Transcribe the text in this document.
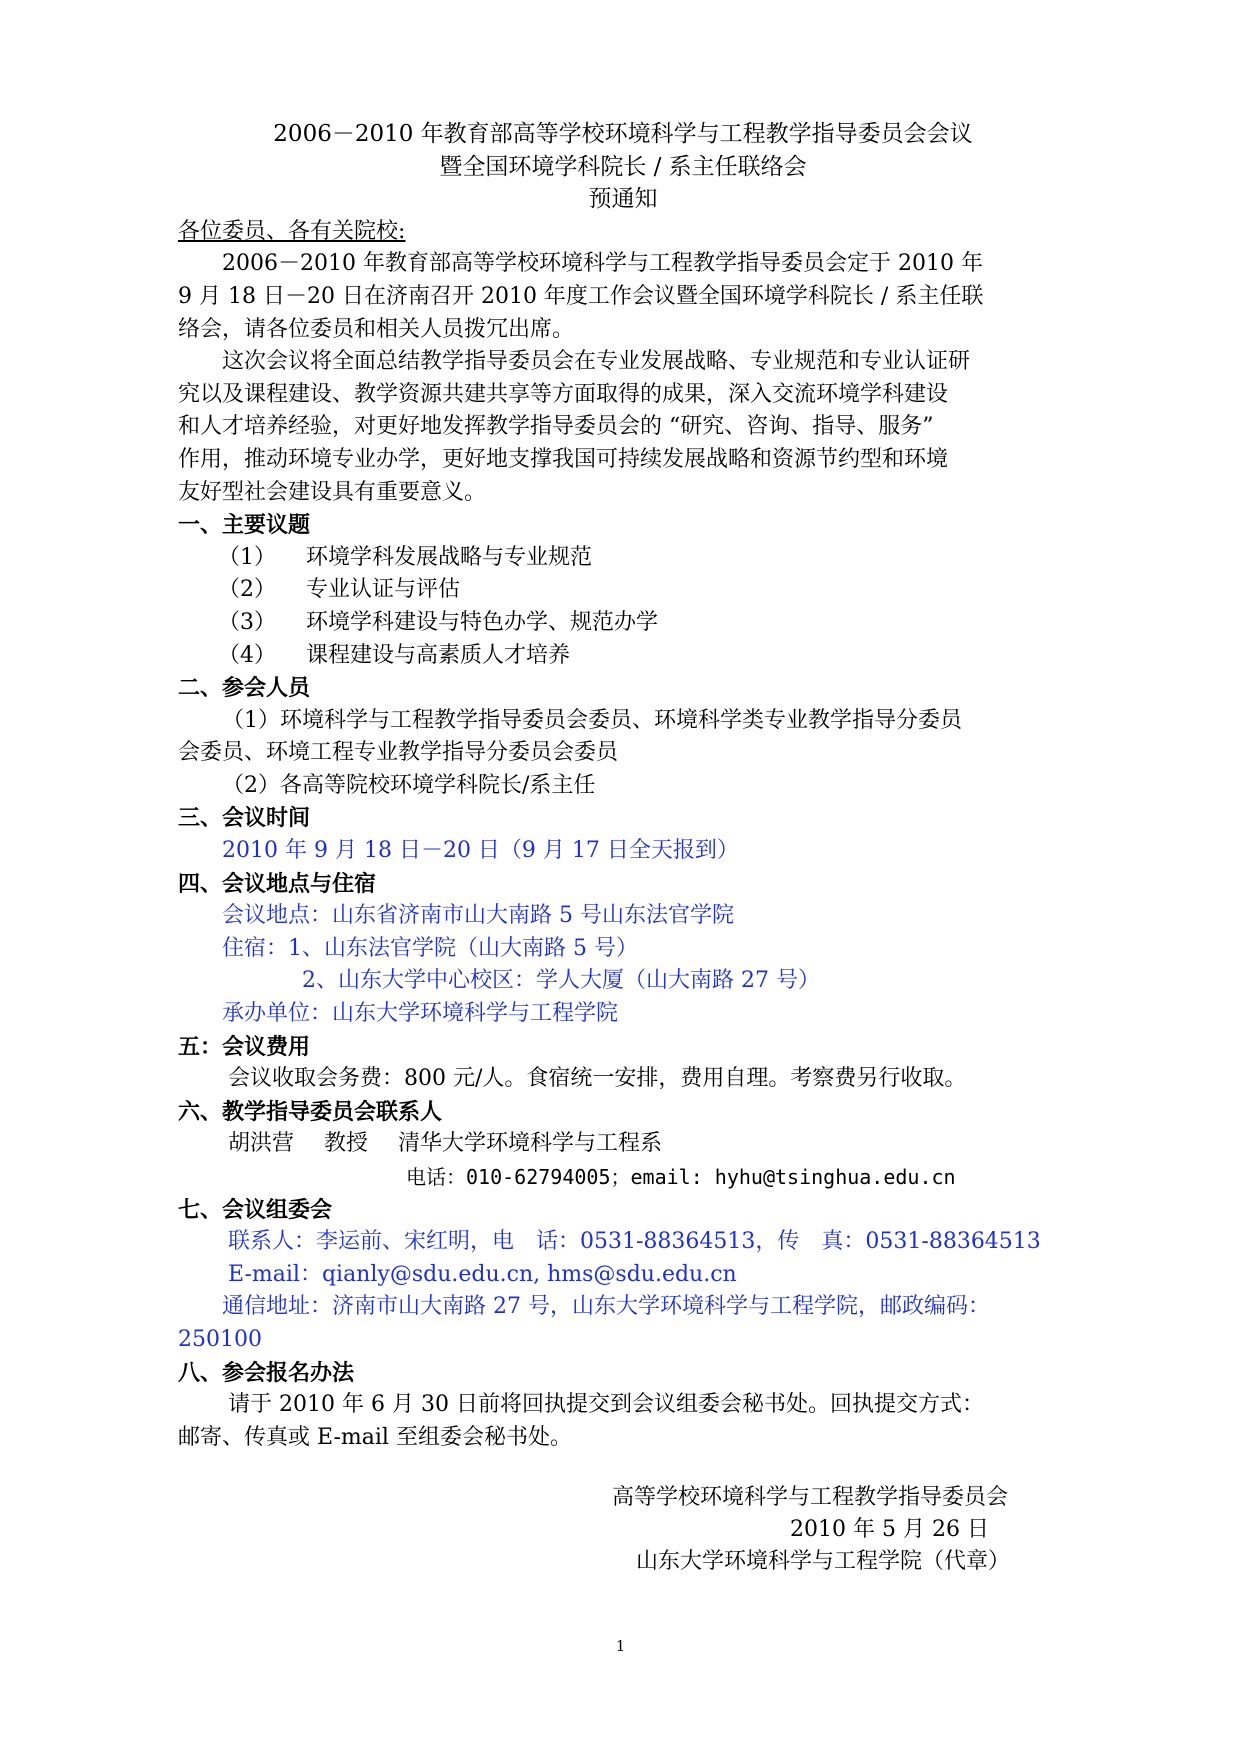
2006－2010 年教育部高等学校环境科学与工程教学指导委员会会议
暨全国环境学科院长 / 系主任联络会
预通知
各位委员、各有关院校:
2006－2010 年教育部高等学校环境科学与工程教学指导委员会定于 2010 年
9 月 18 日－20 日在济南召开 2010 年度工作会议暨全国环境学科院长 / 系主任联
络会，请各位委员和相关人员拨冗出席。
这次会议将全面总结教学指导委员会在专业发展战略、专业规范和专业认证研
究以及课程建设、教学资源共建共享等方面取得的成果，深入交流环境学科建设
和人才培养经验，对更好地发挥教学指导委员会的 “研究、咨询、指导、服务”
作用，推动环境专业办学，更好地支撑我国可持续发展战略和资源节约型和环境
友好型社会建设具有重要意义。
一、主要议题
（1） 环境学科发展战略与专业规范
（2） 专业认证与评估
（3） 环境学科建设与特色办学、规范办学
（4） 课程建设与高素质人才培养
二、参会人员
（1）环境科学与工程教学指导委员会委员、环境科学类专业教学指导分委员
会委员、环境工程专业教学指导分委员会委员
（2）各高等院校环境学科院长/系主任
三、会议时间
2010 年 9 月 18 日－20 日（9 月 17 日全天报到）
四、会议地点与住宿
会议地点：山东省济南市山大南路 5 号山东法官学院
住宿：1、山东法官学院（山大南路 5 号）
2、山东大学中心校区：学人大厦（山大南路 27 号）
承办单位：山东大学环境科学与工程学院
五：会议费用
会议收取会务费：800 元/人。食宿统一安排，费用自理。考察费另行收取。
六、教学指导委员会联系人
胡洪营 教授 清华大学环境科学与工程系
电话：010-62794005；email: hyhu@tsinghua.edu.cn
七、会议组委会
联系人：李运前、宋红明，电　话：0531-88364513，传　真：0531-88364513
E-mail：qianly@sdu.edu.cn, hms@sdu.edu.cn
通信地址：济南市山大南路 27 号，山东大学环境科学与工程学院，邮政编码：
250100
八、参会报名办法
请于 2010 年 6 月 30 日前将回执提交到会议组委会秘书处。回执提交方式：
邮寄、传真或 E-mail 至组委会秘书处。
高等学校环境科学与工程教学指导委员会
2010 年 5 月 26 日
山东大学环境科学与工程学院（代章）
1
